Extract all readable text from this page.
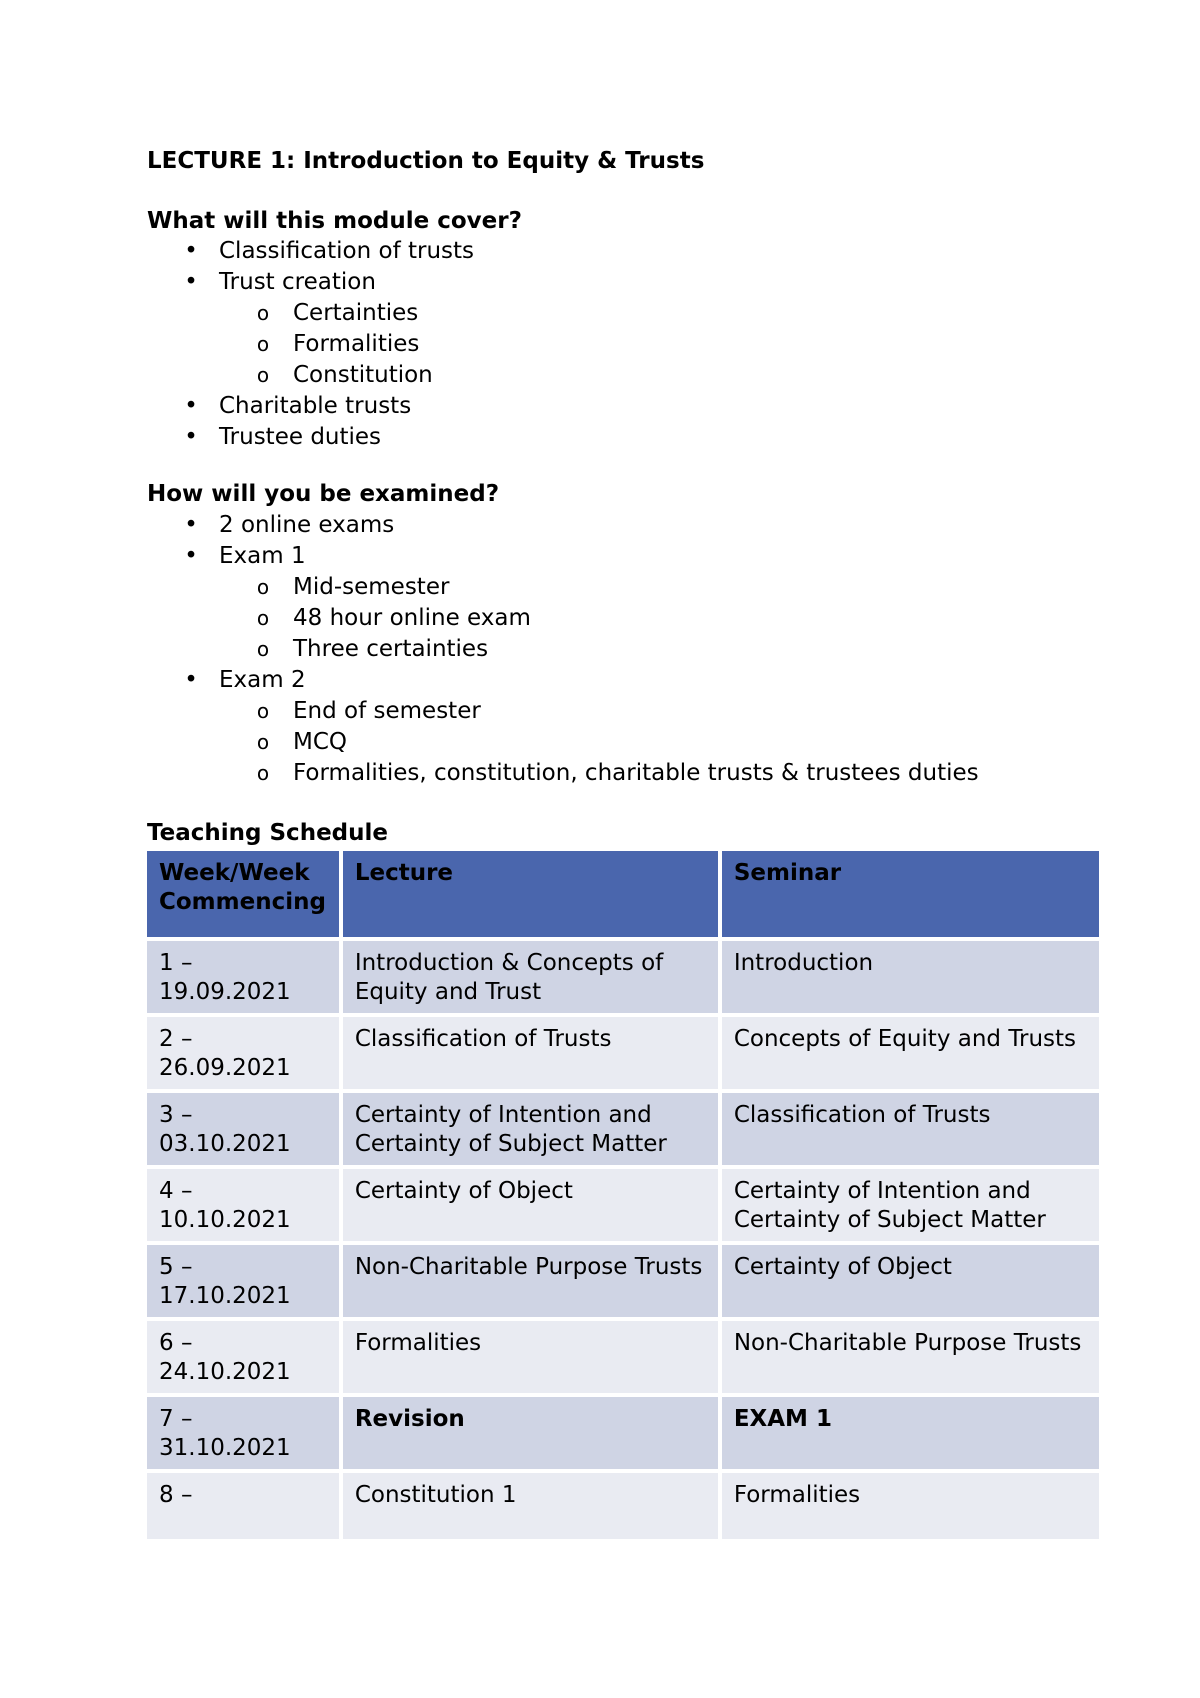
LECTURE 1: Introduction to Equity & Trusts
What will this module cover?
• Classification of trusts
• Trust creation
o Certainties
o Formalities
o Constitution
• Charitable trusts
• Trustee duties
How will you be examined?
• 2 online exams
• Exam 1
o Mid-semester
o 48 hour online exam
o Three certainties
• Exam 2
o End of semester
o MCQ
o Formalities, constitution, charitable trusts & trustees duties
Teaching Schedule
Week/Week Commencing	Lecture	Seminar
1 – 19.09.2021	Introduction & Concepts of Equity and Trust	Introduction
2 – 26.09.2021	Classification of Trusts	Concepts of Equity and Trusts
3 – 03.10.2021	Certainty of Intention and Certainty of Subject Matter	Classification of Trusts
4 – 10.10.2021	Certainty of Object	Certainty of Intention and Certainty of Subject Matter
5 – 17.10.2021	Non-Charitable Purpose Trusts	Certainty of Object
6 – 24.10.2021	Formalities	Non-Charitable Purpose Trusts
7 – 31.10.2021	Revision	EXAM 1
8 –	Constitution 1	Formalities
